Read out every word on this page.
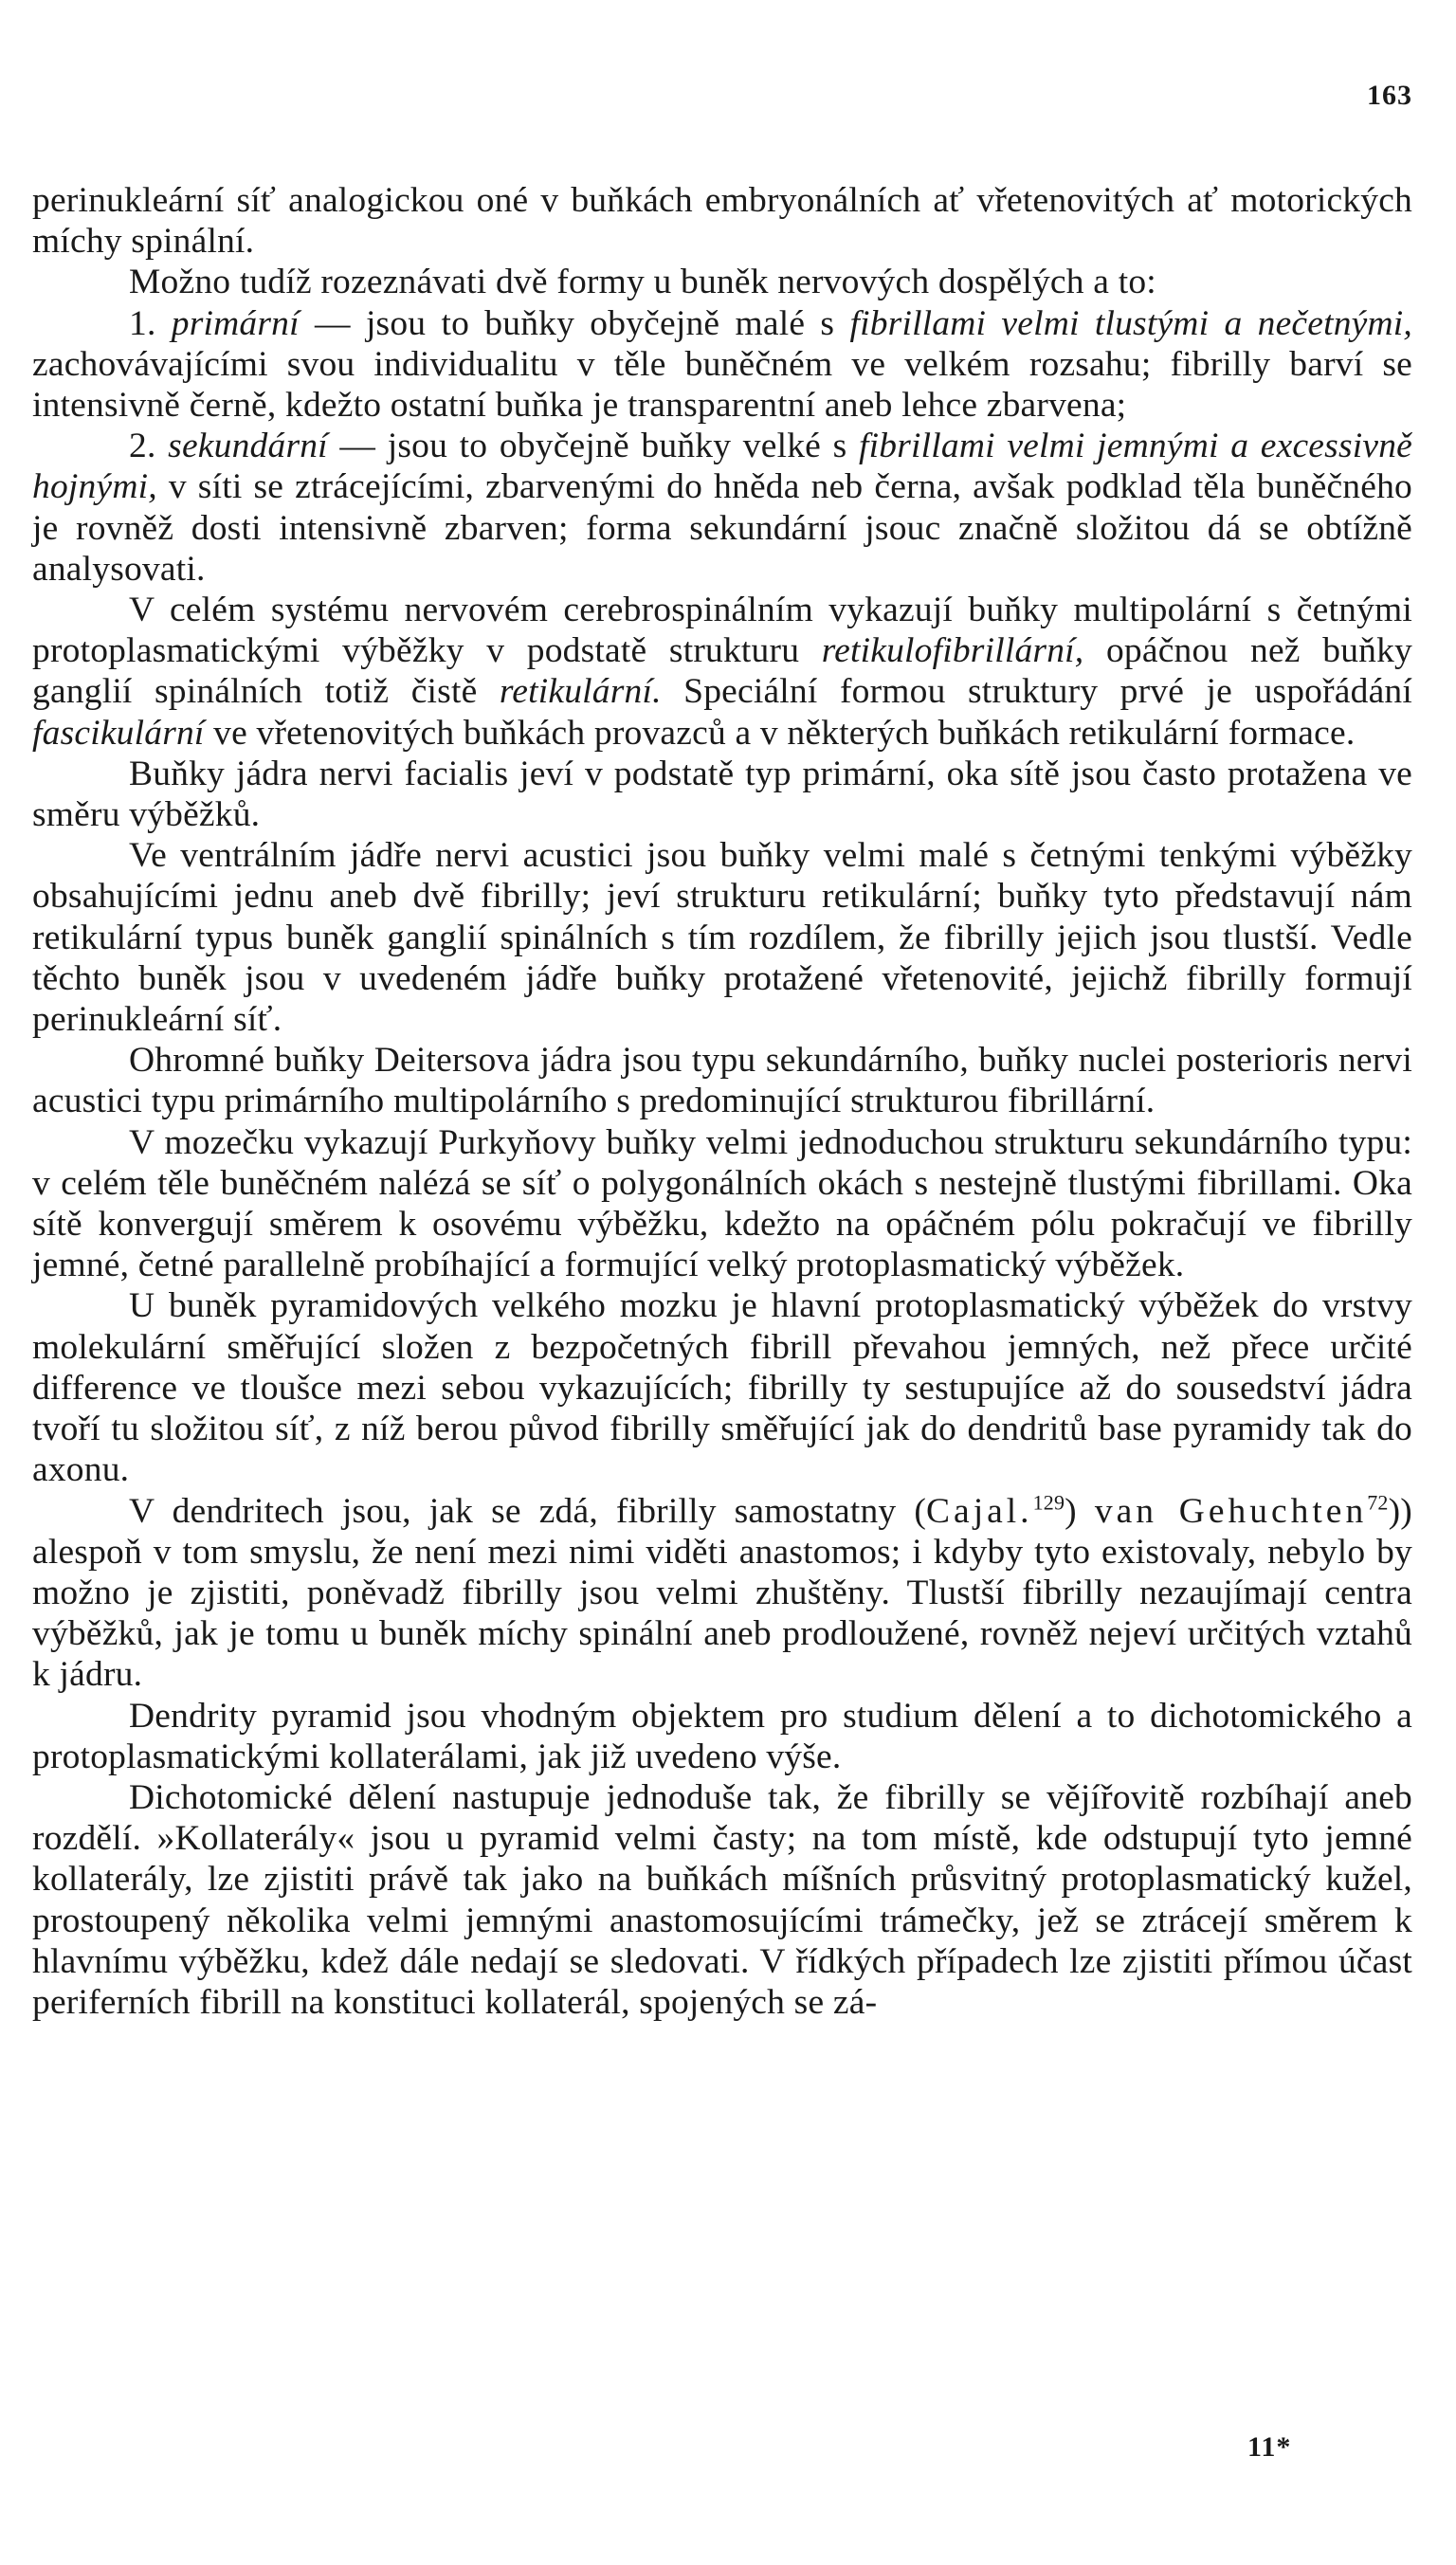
163

perinukleární síť analogickou oné v buňkách embryonálních ať vřetenovitých ať motorických míchy spinální.

Možno tudíž rozeznávati dvě formy u buněk nervových dospělých a to:

1. primární — jsou to buňky obyčejně malé s fibrillami velmi tlustými a nečetnými, zachovávajícími svou individualitu v těle buněčném ve velkém rozsahu; fibrilly barví se intensivně černě, kdežto ostatní buňka je transparentní aneb lehce zbarvena;

2. sekundární — jsou to obyčejně buňky velké s fibrillami velmi jemnými a excessivně hojnými, v síti se ztrácejícími, zbarvenými do hněda neb černa, avšak podklad těla buněčného je rovněž dosti intensivně zbarven; forma sekundární jsouc značně složitou dá se obtížně analysovati.

V celém systému nervovém cerebrospinálním vykazují buňky multipolární s četnými protoplasmatickými výběžky v podstatě strukturu retikulofibrillární, opáčnou než buňky ganglií spinálních totiž čistě retikulární. Speciální formou struktury prvé je uspořádání fascikulární ve vřetenovitých buňkách provazců a v některých buňkách retikulární formace.

Buňky jádra nervi facialis jeví v podstatě typ primární, oka sítě jsou často protažena ve směru výběžků.

Ve ventrálním jádře nervi acustici jsou buňky velmi malé s četnými tenkými výběžky obsahujícími jednu aneb dvě fibrilly; jeví strukturu retikulární; buňky tyto představují nám retikulární typus buněk ganglií spinálních s tím rozdílem, že fibrilly jejich jsou tlustší. Vedle těchto buněk jsou v uvedeném jádře buňky protažené vřetenovité, jejichž fibrilly formují perinukleární síť.

Ohromné buňky Deitersova jádra jsou typu sekundárního, buňky nuclei posterioris nervi acustici typu primárního multipolárního s predominující strukturou fibrillární.

V mozečku vykazují Purkyňovy buňky velmi jednoduchou strukturu sekundárního typu: v celém těle buněčném nalézá se síť o polygonálních okách s nestejně tlustými fibrillami. Oka sítě konvergují směrem k osovému výběžku, kdežto na opáčném pólu pokračují ve fibrilly jemné, četné parallelně probíhající a formující velký protoplasmatický výběžek.

U buněk pyramidových velkého mozku je hlavní protoplasmatický výběžek do vrstvy molekulární směřující složen z bezpočetných fibrill převahou jemných, než přece určité difference ve tloušce mezi sebou vykazujících; fibrilly ty sestupujíce až do sousedství jádra tvoří tu složitou síť, z níž berou původ fibrilly směřující jak do dendritů base pyramidy tak do axonu.

V dendritech jsou, jak se zdá, fibrilly samostatny (Cajal.$^{129}$) van Gehuchten$^{72}$)) alespoň v tom smyslu, že není mezi nimi viděti anastomos; i kdyby tyto existovaly, nebylo by možno je zjistiti, poněvadž fibrilly jsou velmi zhuštěny. Tlustší fibrilly nezaujímají centra výběžků, jak je tomu u buněk míchy spinální aneb prodloužené, rovněž nejeví určitých vztahů k jádru.

Dendrity pyramid jsou vhodným objektem pro studium dělení a to dichotomického a protoplasmatickými kollaterálami, jak již uvedeno výše.

Dichotomické dělení nastupuje jednoduše tak, že fibrilly se vějířovitě rozbíhají aneb rozdělí. »Kollaterály« jsou u pyramid velmi časty; na tom místě, kde odstupují tyto jemné kollaterály, lze zjistiti právě tak jako na buňkách míšních průsvitný protoplasmatický kužel, prostoupený několika velmi jemnými anastomosujícími trámečky, jež se ztrácejí směrem k hlavnímu výběžku, kdež dále nedají se sledovati. V řídkých případech lze zjistiti přímou účast periferních fibrill na konstituci kollaterál, spojených se zá-

11*
